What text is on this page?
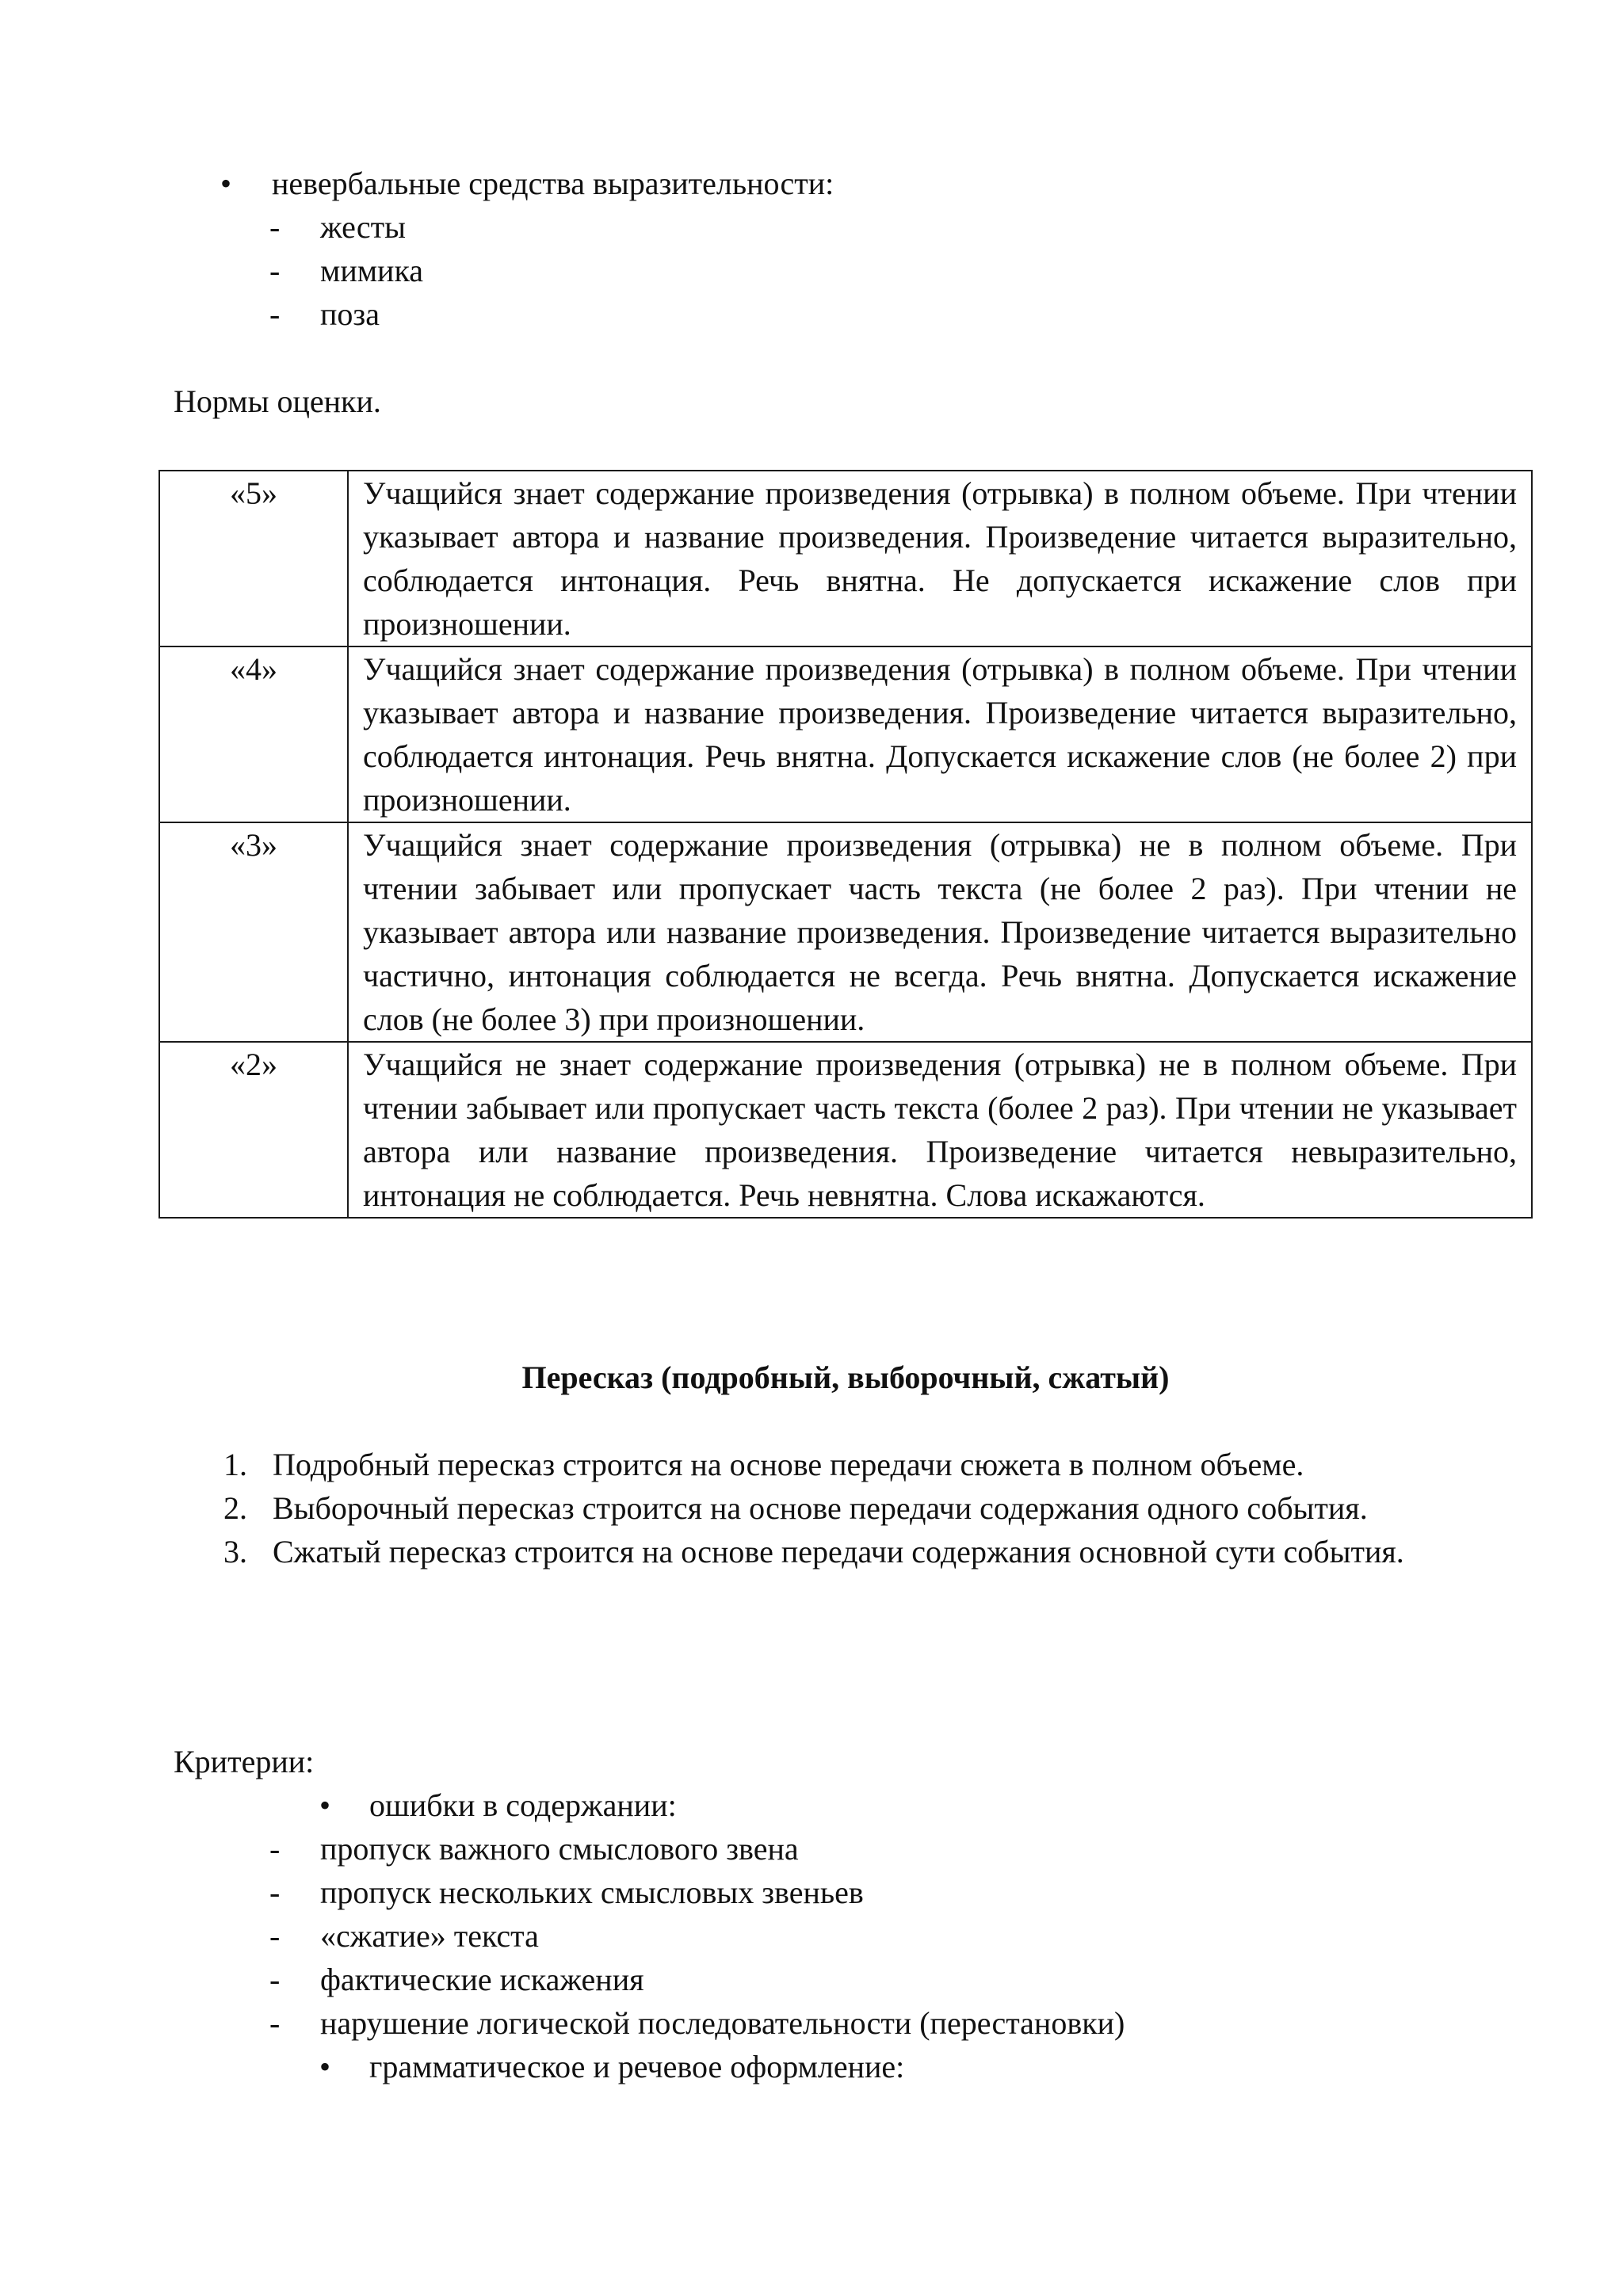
• невербальные средства выразительности:

- жесты
- мимика
- поза

Нормы оценки.

«5»	Учащийся знает содержание произведения (отрывка) в полном объеме. При чтении указывает автора и название произведения. Произведение читается выразительно, соблюдается интонация. Речь внятна. Не допускается искажение слов при произношении.
«4»	Учащийся знает содержание произведения (отрывка) в полном объеме. При чтении указывает автора и название произведения. Произведение читается выразительно, соблюдается интонация. Речь внятна. Допускается искажение слов (не более 2) при произношении.
«3»	Учащийся знает содержание произведения (отрывка) не в полном объеме. При чтении забывает или пропускает часть текста (не более 2 раз). При чтении не указывает автора или название произведения. Произведение читается выразительно частично, интонация соблюдается не всегда. Речь внятна. Допускается искажение слов (не более 3) при произношении.
«2»	Учащийся не знает содержание произведения (отрывка) не в полном объеме. При чтении забывает или пропускает часть текста (более 2 раз). При чтении не указывает автора или название произведения. Произведение читается невыразительно, интонация не соблюдается. Речь невнятна. Слова искажаются.
Пересказ (подробный, выборочный, сжатый)
1. Подробный пересказ строится на основе передачи сюжета в полном объеме.
2. Выборочный пересказ строится на основе передачи содержания одного события.
3. Сжатый пересказ строится на основе передачи содержания основной сути события.

Критерии:

• ошибки в содержании:
- пропуск важного смыслового звена
- пропуск нескольких смысловых звеньев
- «сжатие» текста
- фактические искажения
- нарушение логической последовательности (перестановки)
• грамматическое и речевое оформление:
